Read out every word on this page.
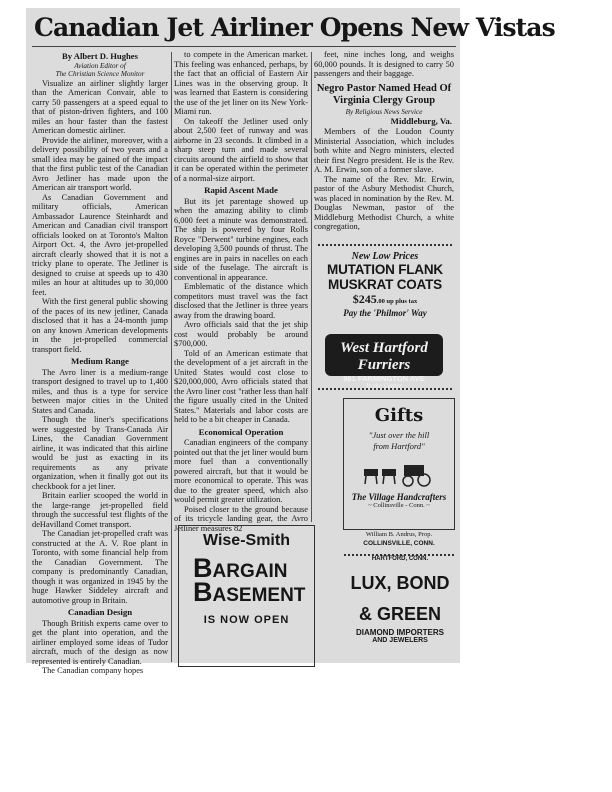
Canadian Jet Airliner Opens New Vistas
By Albert D. Hughes
Aviation Editor of
The Christian Science Monitor

Visualize an airliner slightly larger than the American Convair, able to carry 50 passengers at a speed equal to that of piston-driven fighters, and 100 miles an hour faster than the fastest American domestic airliner.

Provide the airliner, moreover, with a delivery possibility of two years and a small idea may be gained of the impact that the first public test of the Canadian Avro Jetliner has made upon the American air transport world.

As Canadian Government and military officials, American Ambassador Laurence Steinhardt and American and Canadian civil transport officials looked on at Toronto's Malton Airport Oct. 4, the Avro jet-propelled aircraft clearly showed that it is not a tricky plane to operate. The Jetliner is designed to cruise at speeds up to 430 miles an hour at altitudes up to 30,000 feet.

With the first general public showing of the paces of its new jetliner, Canada disclosed that it has a 24-month jump on any known American developments in the jet-propelled commercial transport field.

Medium Range

The Avro liner is a medium-range transport designed to travel up to 1,400 miles, and thus is a type for service between major cities in the United States and Canada.

Though the liner's specifications were suggested by Trans-Canada Air Lines, the Canadian Government airline, it was indicated that this airline would be just as exacting in its requirements as any private organization, when it finally got out its checkbook for a jet liner.

Britain earlier scooped the world in the large-range jet-propelled field through the successful test flights of the deHavilland Comet transport.

The Canadian jet-propelled craft was constructed at the A. V. Roe plant in Toronto, with some financial help from the Canadian Government. The company is predominantly Canadian, though it was organized in 1945 by the huge Hawker Siddeley aircraft and automotive group in Britain.

Canadian Design

Though British experts came over to get the plant into operation, and the airliner employed some ideas of Tudor aircraft, much of the design as now represented is entirely Canadian.

The Canadian company hopes

to compete in the American market. This feeling was enhanced, perhaps, by the fact that an official of Eastern Air Lines was in the observing group. It was learned that Eastern is considering the use of the jet liner on its New York-Miami run.

On takeoff the Jetliner used only about 2,500 feet of runway and was airborne in 23 seconds. It climbed in a sharp steep turn and made several circuits around the airfield to show that it can be operated within the perimeter of a normal-size airport.

Rapid Ascent Made

But its jet parentage showed up when the amazing ability to climb 6,000 feet a minute was demonstrated. The ship is powered by four Rolls Royce "Derwent" turbine engines, each developing 3,500 pounds of thrust. The engines are in pairs in nacelles on each side of the fuselage. The aircraft is conventional in appearance.

Emblematic of the distance which competitors must travel was the fact disclosed that the Jetliner is three years away from the drawing board.

Avro officials said that the jet ship cost would probably be around $700,000.

Told of an American estimate that the development of a jet aircraft in the United States would cost close to $20,000,000, Avro officials stated that the Avro liner cost "rather less than half the figure usually cited in the United States." Materials and labor costs are held to be a bit cheaper in Canada.

Economical Operation

Canadian engineers of the company pointed out that the jet liner would burn more fuel than a conventionally powered aircraft, but that it would be more economical to operate. This was due to the greater speed, which also would permit greater utilization.

Poised closer to the ground because of its tricycle landing gear, the Avro Jetliner measures 82

feet, nine inches long, and weighs 60,000 pounds. It is designed to carry 50 passengers and their baggage.

Negro Pastor Named Head Of Virginia Clergy Group
By Religious News Service
Middleburg, Va.

Members of the Loudon County Ministerial Association, which includes both white and Negro ministers, elected their first Negro president. He is the Rev. A. M. Erwin, son of a former slave.

The name of the Rev. Mr. Erwin, pastor of the Asbury Methodist Church, was placed in nomination by the Rev. M. Douglas Newman, pastor of the Middleburg Methodist Church, a white congregation,

New Low Prices
MUTATION FLANK
MUSKRAT COATS
$245.00 up plus tax
Pay the 'Philmor' Way
West Hartford Furriers
981 FARMINGTON AVE
In the Center
Gifts
"Just over the hill
from Hartford"
The Village Handcrafters
~ Collinsville - Conn. ~
William B. Andrus, Prop.
COLLINSVILLE, CONN.
Wise-Smith
BARGAIN
BASEMENT
IS NOW OPEN
HARTFORD, CONN.
LUX, BOND
& GREEN
DIAMOND IMPORTERS
AND JEWELERS
